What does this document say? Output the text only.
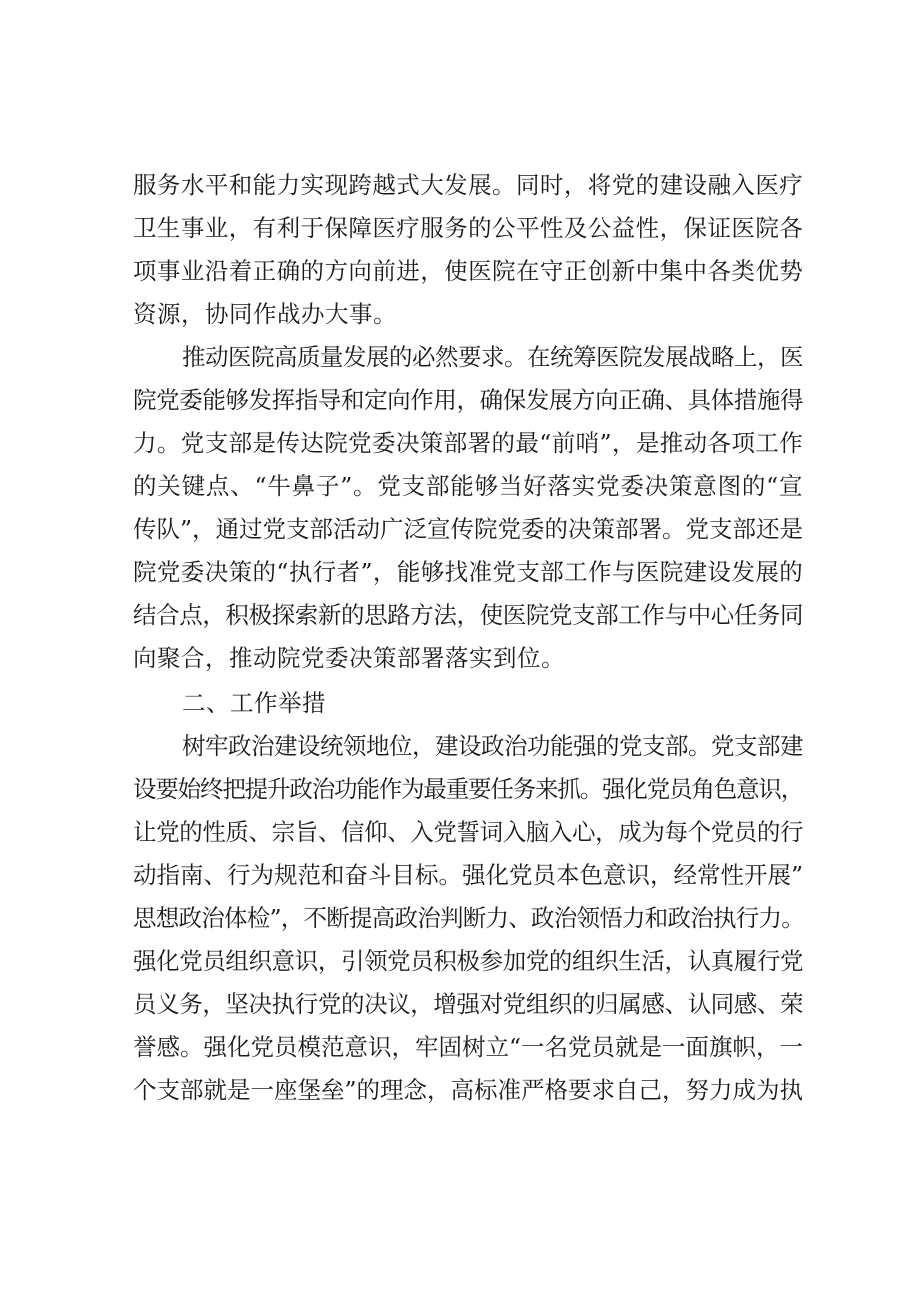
服务水平和能力实现跨越式大发展。同时，将党的建设融入医疗

卫生事业，有利于保障医疗服务的公平性及公益性，保证医院各

项事业沿着正确的方向前进，使医院在守正创新中集中各类优势

资源，协同作战办大事。

推动医院高质量发展的必然要求。在统筹医院发展战略上，医

院党委能够发挥指导和定向作用，确保发展方向正确、具体措施得

力。党支部是传达院党委决策部署的最“前哨”，是推动各项工作

的关键点、“牛鼻子”。党支部能够当好落实党委决策意图的“宣

传队”，通过党支部活动广泛宣传院党委的决策部署。党支部还是

院党委决策的“执行者”，能够找准党支部工作与医院建设发展的

结合点，积极探索新的思路方法，使医院党支部工作与中心任务同

向聚合，推动院党委决策部署落实到位。

二、工作举措

树牢政治建设统领地位，建设政治功能强的党支部。党支部建

设要始终把提升政治功能作为最重要任务来抓。强化党员角色意识，

让党的性质、宗旨、信仰、入党誓词入脑入心，成为每个党员的行

动指南、行为规范和奋斗目标。强化党员本色意识，经常性开展”

思想政治体检”，不断提高政治判断力、政治领悟力和政治执行力。

强化党员组织意识，引领党员积极参加党的组织生活，认真履行党

员义务，坚决执行党的决议，增强对党组织的归属感、认同感、荣

誉感。强化党员模范意识，牢固树立“一名党员就是一面旗帜，一

个支部就是一座堡垒”的理念，高标准严格要求自己，努力成为执
